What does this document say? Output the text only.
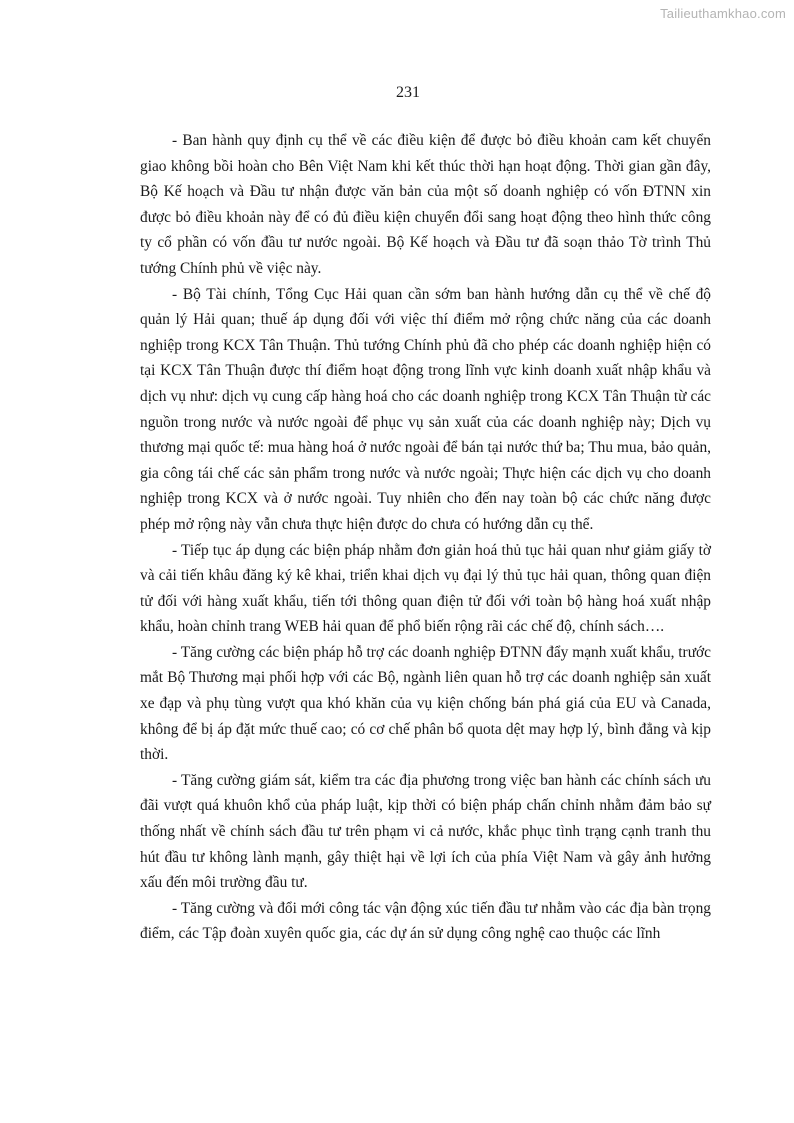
Tailieuthamkhao.com
231

- Ban hành quy định cụ thể về các điều kiện để được bỏ điều khoản cam kết chuyển giao không bồi hoàn cho Bên Việt Nam khi kết thúc thời hạn hoạt động. Thời gian gần đây, Bộ Kế hoạch và Đầu tư nhận được văn bản của một số doanh nghiệp có vốn ĐTNN xin được bỏ điều khoản này để có đủ điều kiện chuyển đổi sang hoạt động theo hình thức công ty cổ phần có vốn đầu tư nước ngoài. Bộ Kế hoạch và Đầu tư đã soạn thảo Tờ trình Thủ tướng Chính phủ về việc này.

- Bộ Tài chính, Tổng Cục Hải quan cần sớm ban hành hướng dẫn cụ thể về chế độ quản lý Hải quan; thuế áp dụng đối với việc thí điểm mở rộng chức năng của các doanh nghiệp trong KCX Tân Thuận. Thủ tướng Chính phủ đã cho phép các doanh nghiệp hiện có tại KCX Tân Thuận được thí điểm hoạt động trong lĩnh vực kinh doanh xuất nhập khẩu và dịch vụ như: dịch vụ cung cấp hàng hoá cho các doanh nghiệp trong KCX Tân Thuận từ các nguồn trong nước và nước ngoài để phục vụ sản xuất của các doanh nghiệp này; Dịch vụ thương mại quốc tế: mua hàng hoá ở nước ngoài để bán tại nước thứ ba; Thu mua, bảo quản, gia công tái chế các sản phẩm trong nước và nước ngoài; Thực hiện các dịch vụ cho doanh nghiệp trong KCX và ở nước ngoài. Tuy nhiên cho đến nay toàn bộ các chức năng được phép mở rộng này vẫn chưa thực hiện được do chưa có hướng dẫn cụ thể.

- Tiếp tục áp dụng các biện pháp nhằm đơn giản hoá thủ tục hải quan như giảm giấy tờ và cải tiến khâu đăng ký kê khai, triển khai dịch vụ đại lý thủ tục hải quan, thông quan điện tử đối với hàng xuất khẩu, tiến tới thông quan điện tử đối với toàn bộ hàng hoá xuất nhập khẩu, hoàn chỉnh trang WEB hải quan để phổ biến rộng rãi các chế độ, chính sách….

- Tăng cường các biện pháp hỗ trợ các doanh nghiệp ĐTNN đẩy mạnh xuất khẩu, trước mắt Bộ Thương mại phối hợp với các Bộ, ngành liên quan hỗ trợ các doanh nghiệp sản xuất xe đạp và phụ tùng vượt qua khó khăn của vụ kiện chống bán phá giá của EU và Canada, không để bị áp đặt mức thuế cao; có cơ chế phân bổ quota dệt may hợp lý, bình đẳng và kịp thời.

- Tăng cường giám sát, kiểm tra các địa phương trong việc ban hành các chính sách ưu đãi vượt quá khuôn khổ của pháp luật, kịp thời có biện pháp chấn chỉnh nhằm đảm bảo sự thống nhất về chính sách đầu tư trên phạm vi cả nước, khắc phục tình trạng cạnh tranh thu hút đầu tư không lành mạnh, gây thiệt hại về lợi ích của phía Việt Nam và gây ảnh hưởng xấu đến môi trường đầu tư.

- Tăng cường và đổi mới công tác vận động xúc tiến đầu tư nhằm vào các địa bàn trọng điểm, các Tập đoàn xuyên quốc gia, các dự án sử dụng công nghệ cao thuộc các lĩnh
